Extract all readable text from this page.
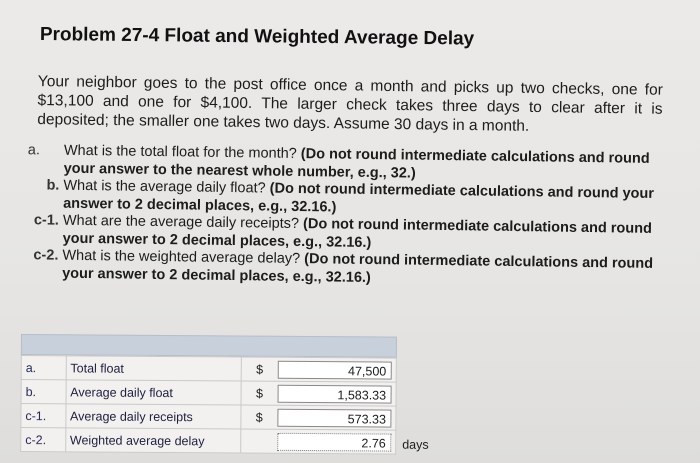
Problem 27-4 Float and Weighted Average Delay
Your neighbor goes to the post office once a month and picks up two checks, one for $13,100 and one for $4,100. The larger check takes three days to clear after it is deposited; the smaller one takes two days. Assume 30 days in a month.
a.	What is the total float for the month? (Do not round intermediate calculations and round your answer to the nearest whole number, e.g., 32.)
b. What is the average daily float? (Do not round intermediate calculations and round your answer to 2 decimal places, e.g., 32.16.)
c-1. What are the average daily receipts? (Do not round intermediate calculations and round your answer to 2 decimal places, e.g., 32.16.)
c-2. What is the weighted average delay? (Do not round intermediate calculations and round your answer to 2 decimal places, e.g., 32.16.)
a.	Total float	$	47,500
b.	Average daily float	$	1,583.33
c-1.	Average daily receipts	$	573.33
c-2.	Weighted average delay		2.76 days
